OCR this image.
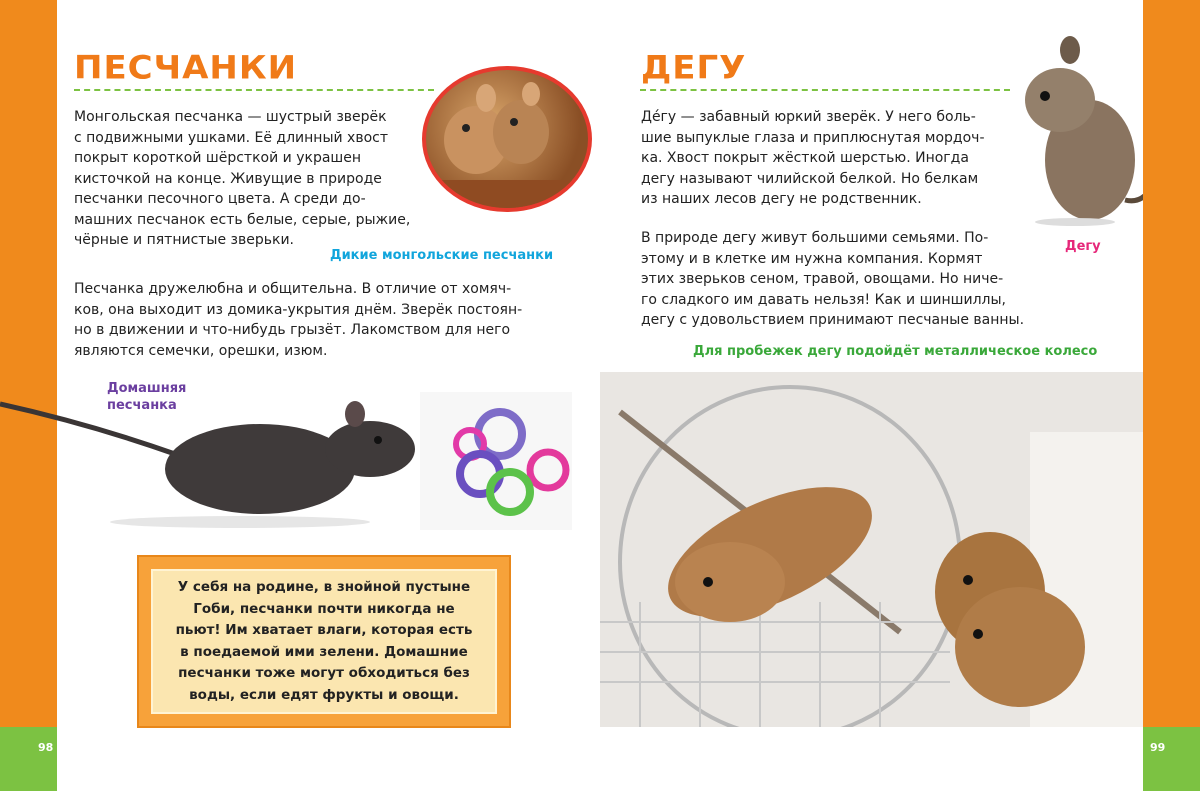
98	99
ПЕСЧАНКИ

Монгольская песчанка — шустрый зверёк

с подвижными ушками. Её длинный хвост

покрыт короткой шёрсткой и украшен

кисточкой на конце. Живущие в природе

песчанки песочного цвета. А среди до-

машних песчанок есть белые, серые, рыжие,

чёрные и пятнистые зверьки.

Дикие монгольские песчанки

Песчанка дружелюбна и общительна. В отличие от хомяч-

ков, она выходит из домика-укрытия днём. Зверёк постоян-

но в движении и что-нибудь грызёт. Лакомством для него

являются семечки, орешки, изюм.

Домашняя
песчанка
У себя на родине, в знойной пустыне
Гоби, песчанки почти никогда не
пьют! Им хватает влаги, которая есть
в поедаемой ими зелени. Домашние
песчанки тоже могут обходиться без
воды, если едят фрукты и овощи.
ДЕГУ

Дéгу — забавный юркий зверёк. У него боль-

шие выпуклые глаза и приплюснутая мордоч-

ка. Хвост покрыт жёсткой шерстью. Иногда

дегу называют чилийской белкой. Но белкам

из наших лесов дегу не родственник.

Дегу

В природе дегу живут большими семьями. По-

этому и в клетке им нужна компания. Кормят

этих зверьков сеном, травой, овощами. Но ниче-

го сладкого им давать нельзя! Как и шиншиллы,

дегу с удовольствием принимают песчаные ванны.

Для пробежек дегу подойдёт металлическое колесо
